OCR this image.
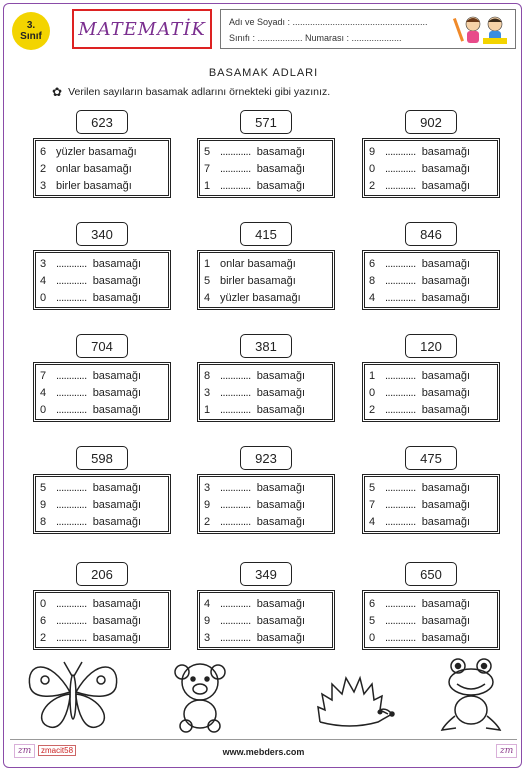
3.
Sınıf MATEMATİK	Adı ve Soyadı : ......................................................
Sınıfı : .................. Numarası : ....................
BASAMAK ADLARI
✿ Verilen sayıların basamak adlarını örnekteki gibi yazınız.
623
6 yüzler basamağı
2 onlar basamağı
3 birler basamağı
571
5 ............ basamağı
7 ............ basamağı
1 ............ basamağı
902
9 ............ basamağı
0 ............ basamağı
2 ............ basamağı
340
3 ............ basamağı
4 ............ basamağı
0 ............ basamağı
415
1 onlar basamağı
5 birler basamağı
4 yüzler basamağı
846
6 ............ basamağı
8 ............ basamağı
4 ............ basamağı
704
7 ............ basamağı
4 ............ basamağı
0 ............ basamağı
381
8 ............ basamağı
3 ............ basamağı
1 ............ basamağı
120
1 ............ basamağı
0 ............ basamağı
2 ............ basamağı
598
5 ............ basamağı
9 ............ basamağı
8 ............ basamağı
923
3 ............ basamağı
9 ............ basamağı
2 ............ basamağı
475
5 ............ basamağı
7 ............ basamağı
4 ............ basamağı
206
0 ............ basamağı
6 ............ basamağı
2 ............ basamağı
349
4 ............ basamağı
9 ............ basamağı
3 ............ basamağı
650
6 ............ basamağı
5 ............ basamağı
0 ............ basamağı
zm	zmacit58	www.mebders.com	zm
